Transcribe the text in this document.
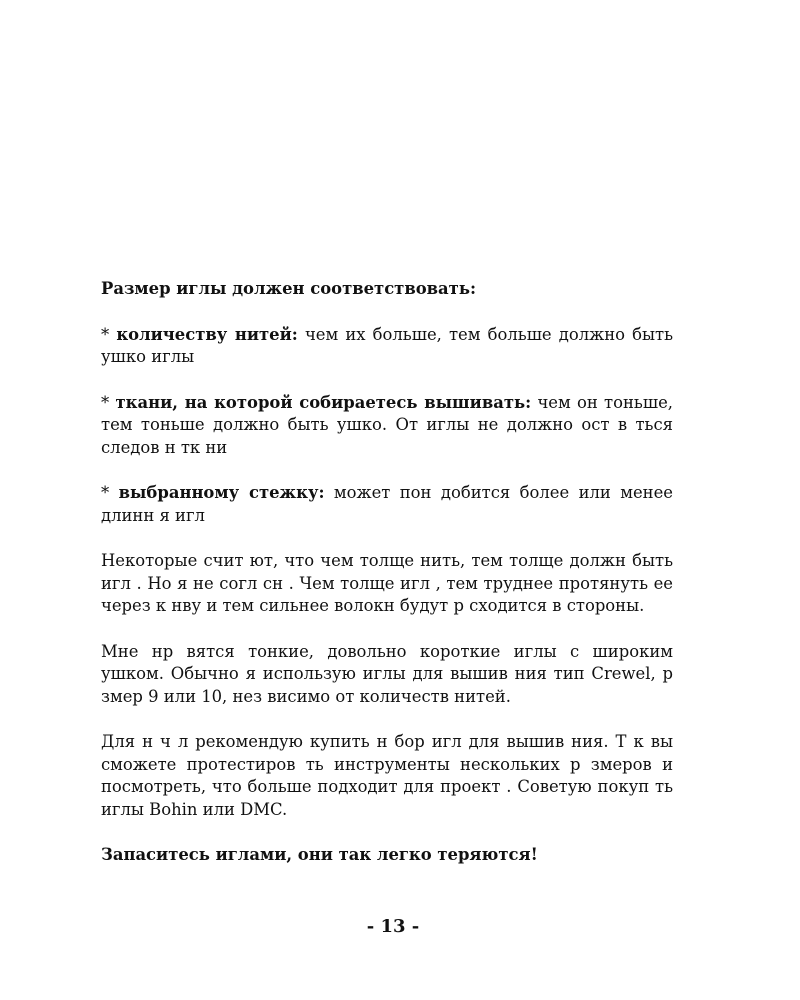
Размер иглы должен соответствовать:

* количеству нитей: чем их больше, тем больше должно быть ушко иглы

* ткани, на которой собираетесь вышивать: чем он тоньше, тем тоньше должно быть ушко. От иглы не должно ост в ться следов н тк ни

* выбранному стежку: может пон добится более или менее длинн я игл

Некоторые счит ют, что чем толще нить, тем толще должн быть игл . Но я не согл сн . Чем толще игл , тем труднее протянуть ее через к нву и тем сильнее волокн будут р сходится в стороны.

Мне нр вятся тонкие, довольно короткие иглы с широким ушком. Обычно я использую иглы для вышив ния тип Crewel, р змер 9 или 10, нез висимо от количеств нитей.

Для н ч л рекомендую купить н бор игл для вышив ния. Т к вы сможете протестиров ть инструменты нескольких р змеров и посмотреть, что больше подходит для проект . Советую покуп ть иглы Bohin или DMC.

Запаситесь иглами, они так легко теряются!

- 13 -
